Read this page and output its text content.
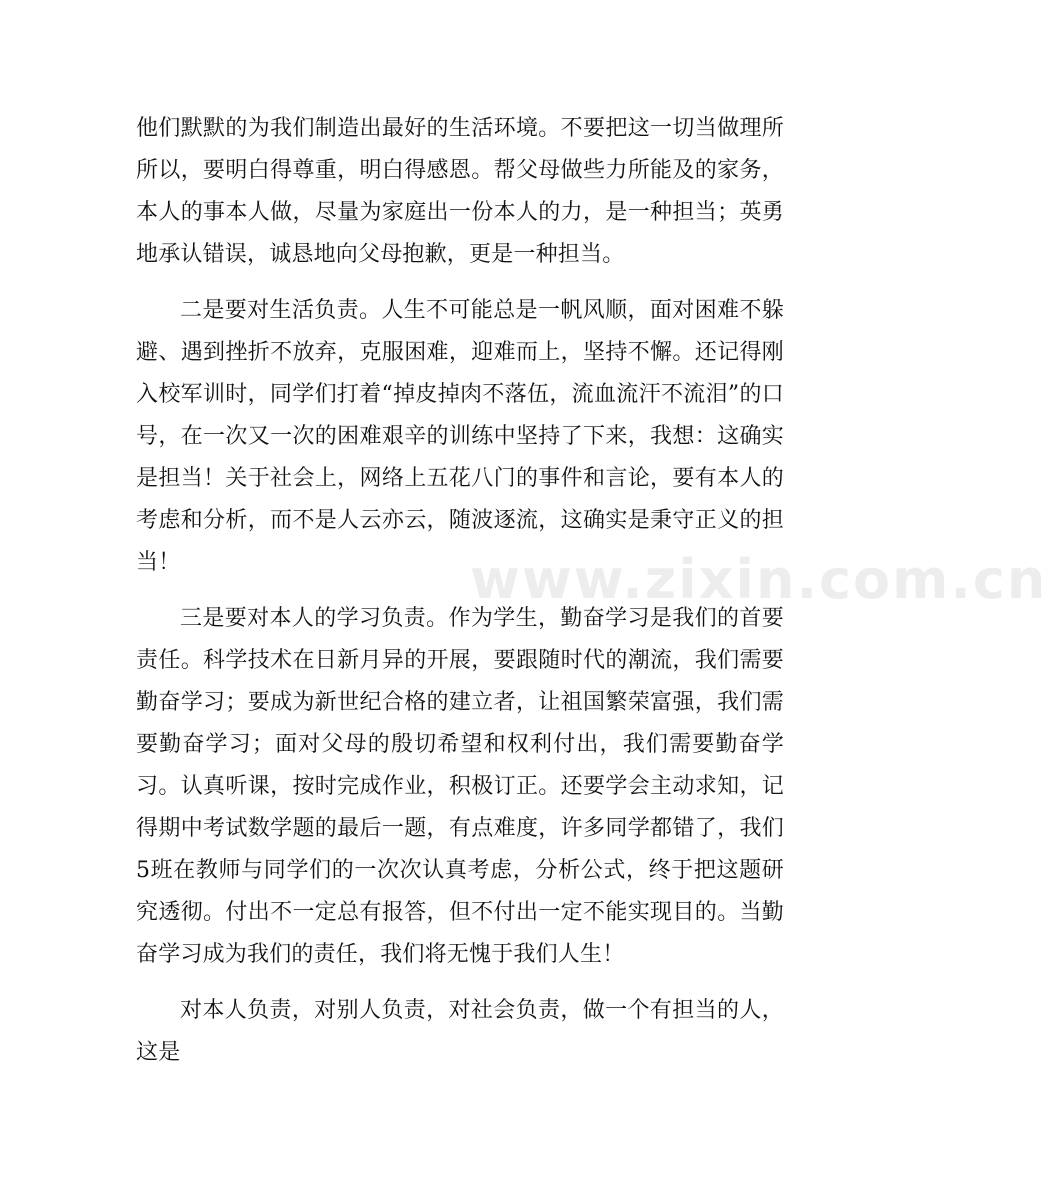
他们默默的为我们制造出最好的生活环境。不要把这一切当做理所所以，要明白得尊重，明白得感恩。帮父母做些力所能及的家务，本人的事本人做，尽量为家庭出一份本人的力，是一种担当；英勇地承认错误，诚恳地向父母抱歉，更是一种担当。

二是要对生活负责。人生不可能总是一帆风顺，面对困难不躲避、遇到挫折不放弃，克服困难，迎难而上，坚持不懈。还记得刚入校军训时，同学们打着“掉皮掉肉不落伍，流血流汗不流泪”的口号，在一次又一次的困难艰辛的训练中坚持了下来，我想：这确实是担当！关于社会上，网络上五花八门的事件和言论，要有本人的考虑和分析，而不是人云亦云，随波逐流，这确实是秉守正义的担当！

三是要对本人的学习负责。作为学生，勤奋学习是我们的首要责任。科学技术在日新月异的开展，要跟随时代的潮流，我们需要勤奋学习；要成为新世纪合格的建立者，让祖国繁荣富强，我们需要勤奋学习；面对父母的殷切希望和权利付出，我们需要勤奋学习。认真听课，按时完成作业，积极订正。还要学会主动求知，记得期中考试数学题的最后一题，有点难度，许多同学都错了，我们5班在教师与同学们的一次次认真考虑，分析公式，终于把这题研究透彻。付出不一定总有报答，但不付出一定不能实现目的。当勤奋学习成为我们的责任，我们将无愧于我们人生！

对本人负责，对别人负责，对社会负责，做一个有担当的人，这是

www.zixin.com.cn
